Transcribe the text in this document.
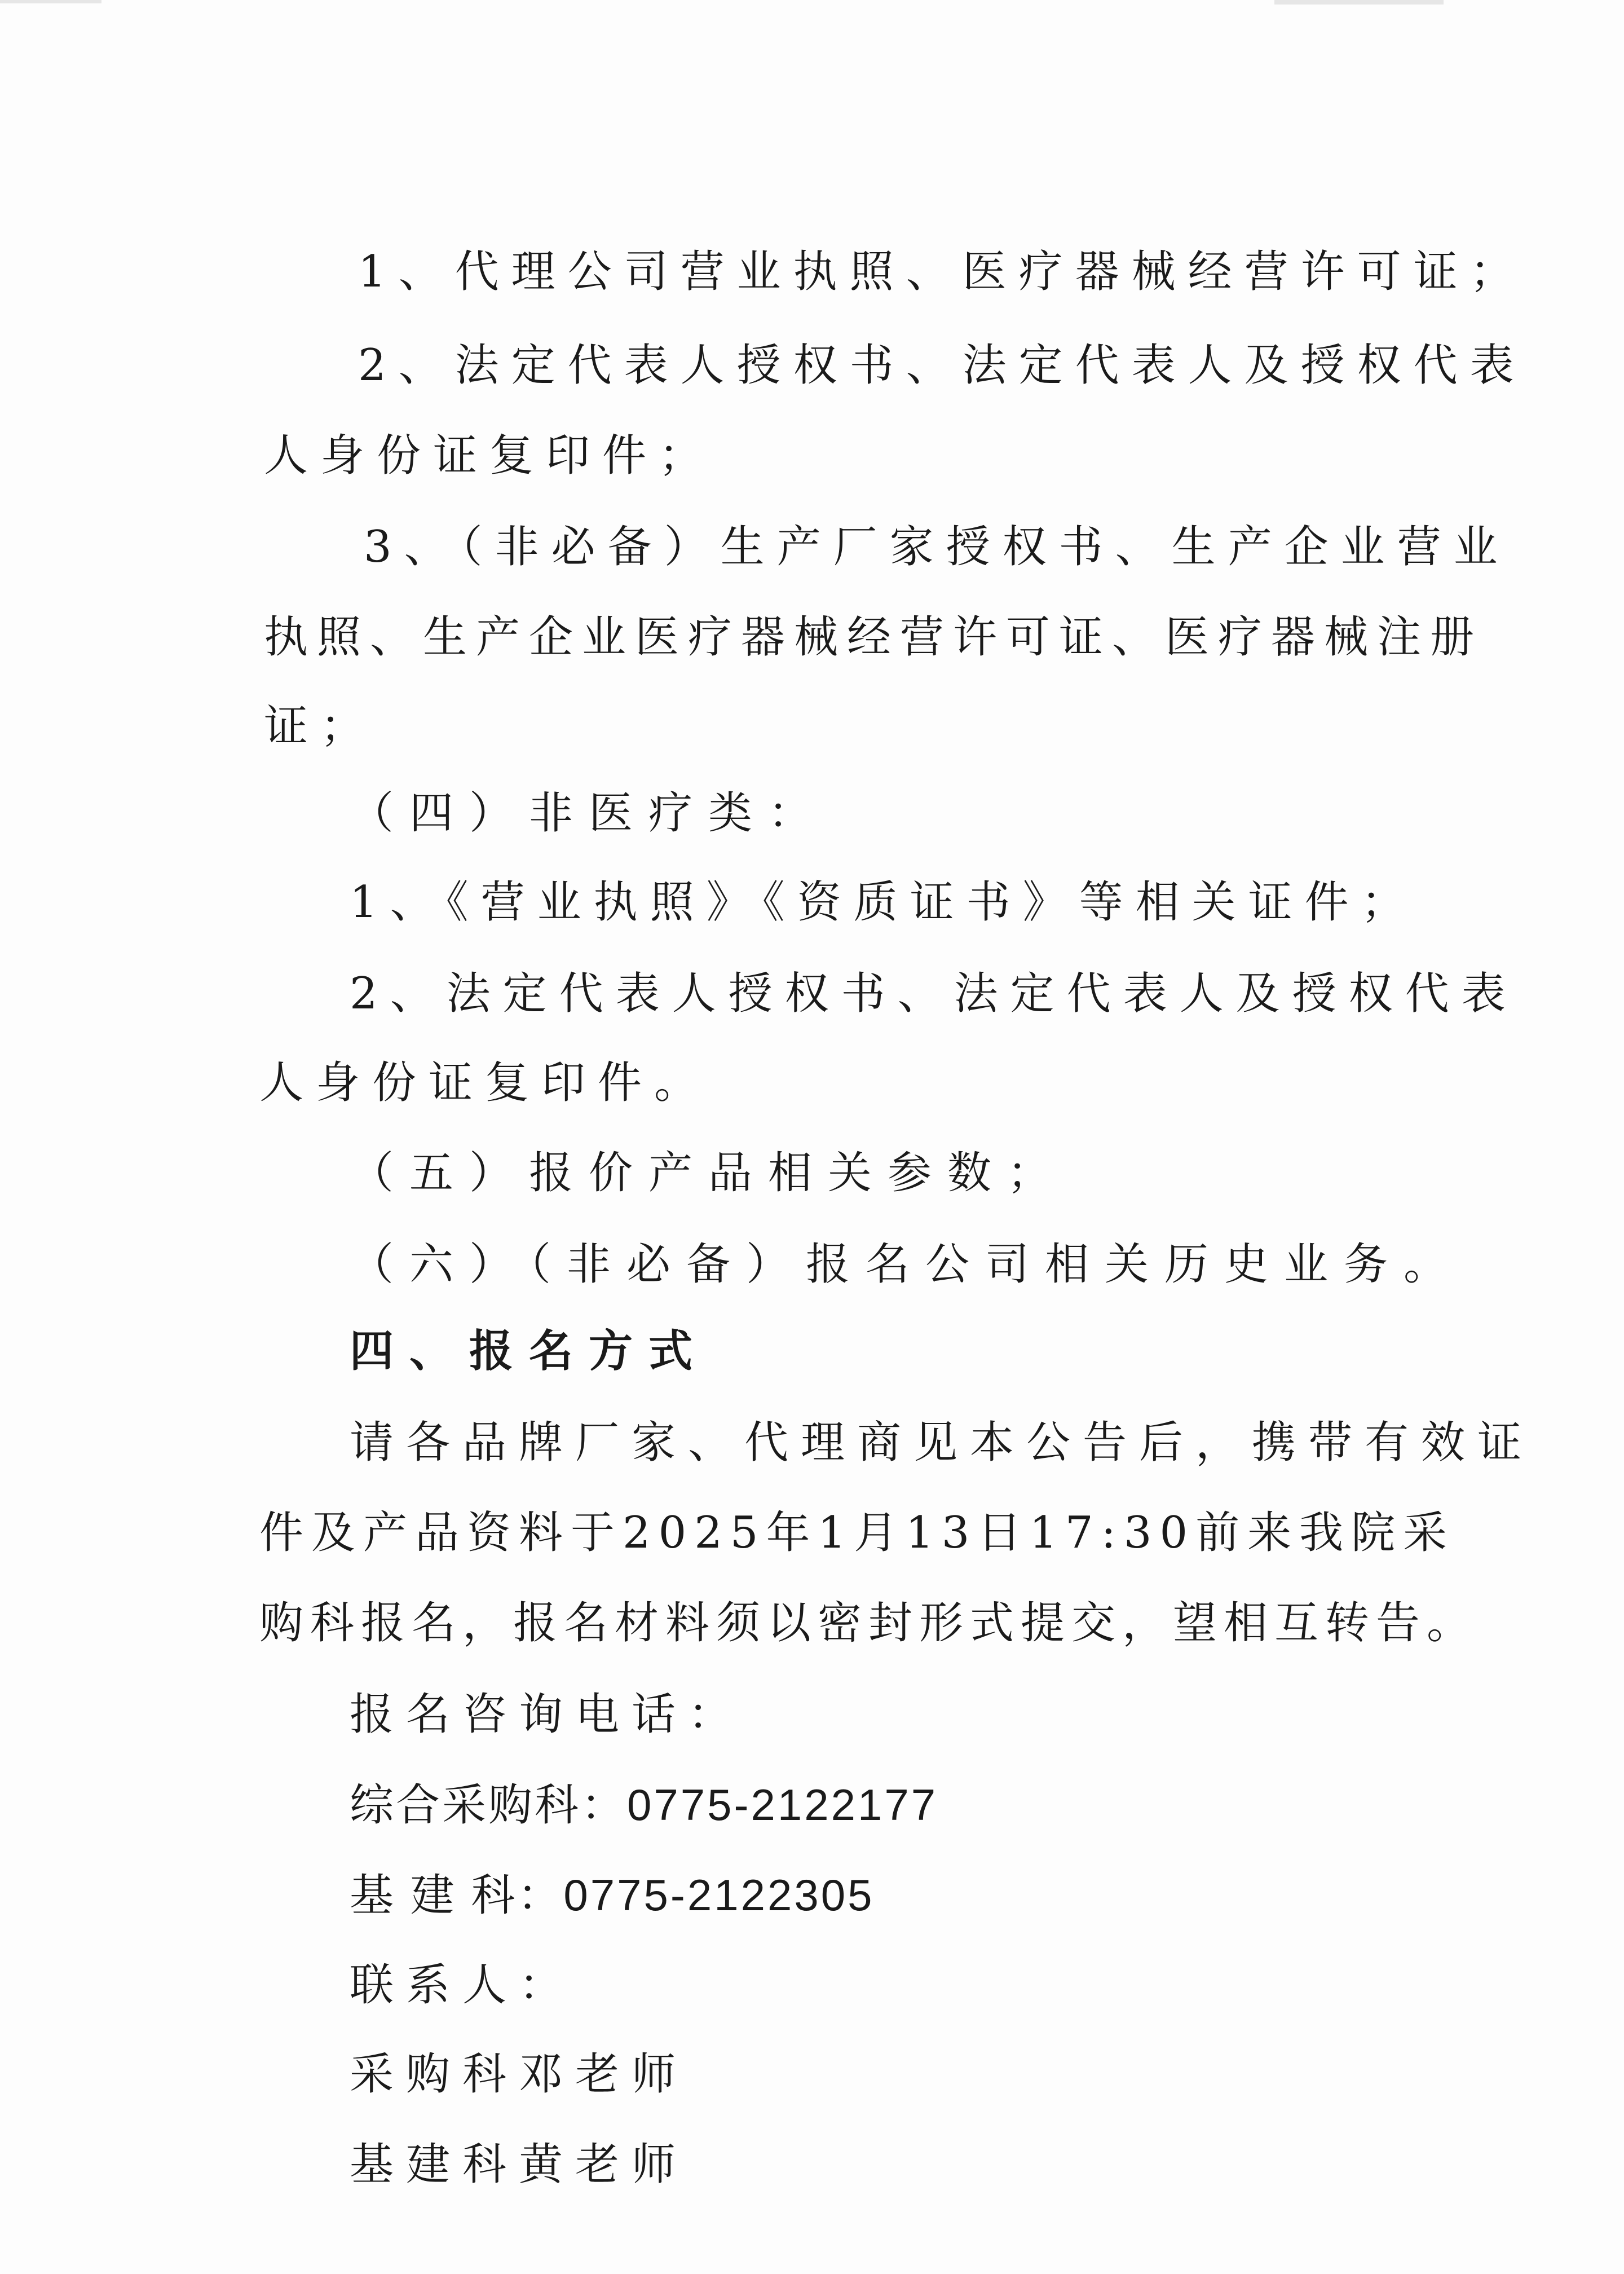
1、代理公司营业执照、医疗器械经营许可证；
2、法定代表人授权书、法定代表人及授权代表
人身份证复印件；
3、（非必备）生产厂家授权书、生产企业营业
执照、生产企业医疗器械经营许可证、医疗器械注册
证；
（四）非医疗类：
1、《营业执照》《资质证书》等相关证件；
2、法定代表人授权书、法定代表人及授权代表
人身份证复印件。
（五）报价产品相关参数；
（六）（非必备）报名公司相关历史业务。
四、报名方式
请各品牌厂家、代理商见本公告后，携带有效证
件及产品资料于2025年1月13日17:30前来我院采
购科报名，报名材料须以密封形式提交，望相互转告。
报名咨询电话：
综合采购科：0775-2122177
基 建 科：0775-2122305
联系人：
采购科邓老师
基建科黄老师
